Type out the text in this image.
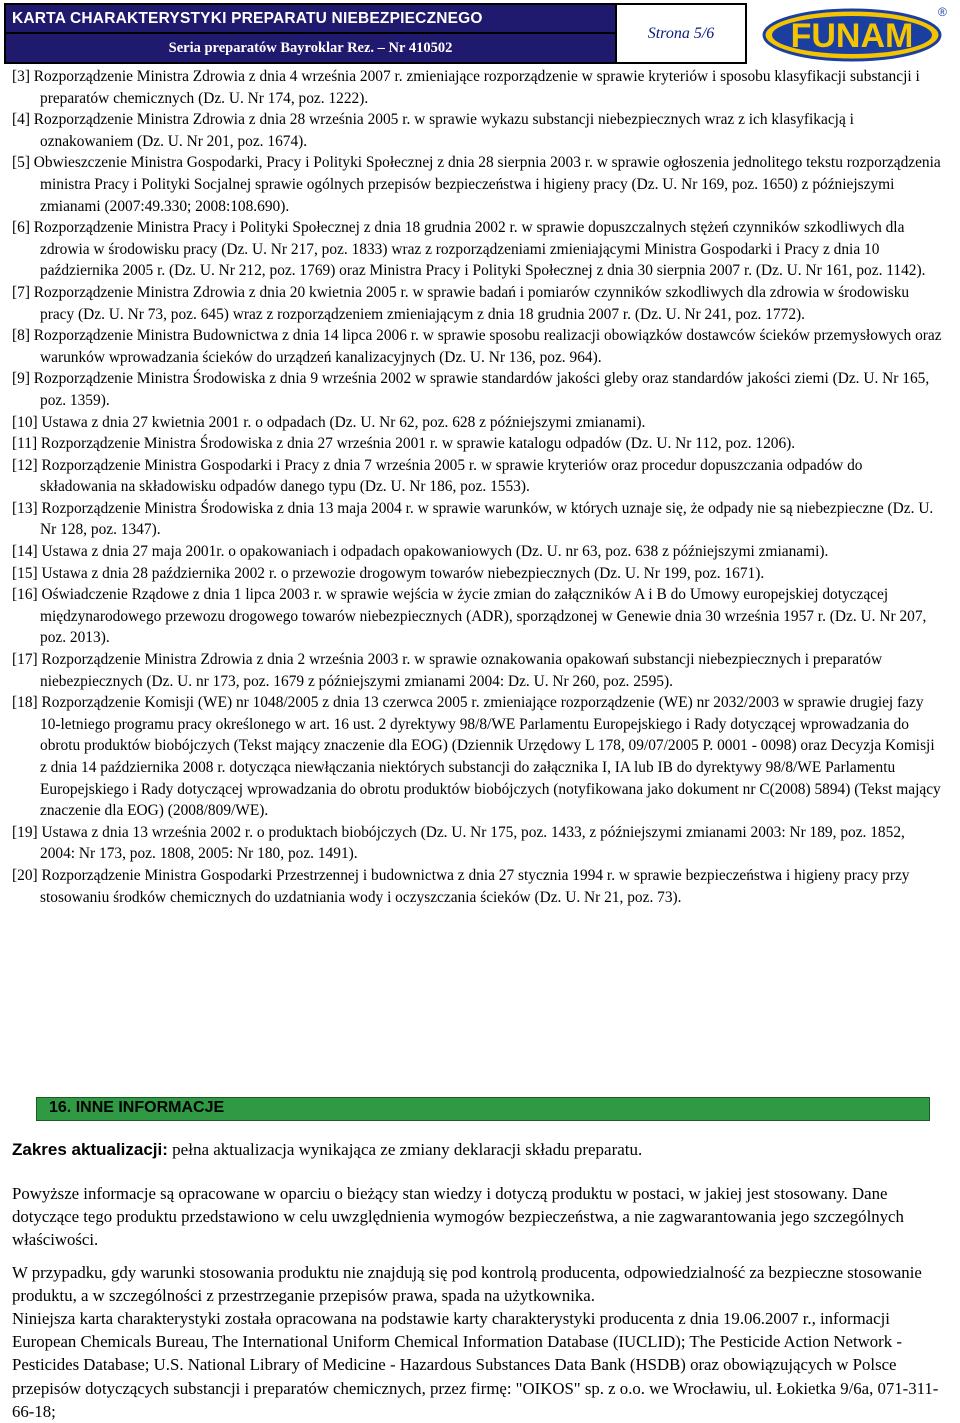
KARTA CHARAKTERYSTYKI PREPARATU NIEBEZPIECZNEGO	Strona 5/6
Seria preparatów Bayroklar Rez. – Nr 410502	FUNAM
®

[3] Rozporządzenie Ministra Zdrowia z dnia 4 września 2007 r. zmieniające rozporządzenie w sprawie kryteriów i sposobu klasyfikacji substancji i preparatów chemicznych (Dz. U. Nr 174, poz. 1222).

[4] Rozporządzenie Ministra Zdrowia z dnia 28 września 2005 r. w sprawie wykazu substancji niebezpiecznych wraz z ich klasyfikacją i oznakowaniem (Dz. U. Nr 201, poz. 1674).

[5] Obwieszczenie Ministra Gospodarki, Pracy i Polityki Społecznej z dnia 28 sierpnia 2003 r. w sprawie ogłoszenia jednolitego tekstu rozporządzenia ministra Pracy i Polityki Socjalnej sprawie ogólnych przepisów bezpieczeństwa i higieny pracy (Dz. U. Nr 169, poz. 1650) z późniejszymi zmianami (2007:49.330; 2008:108.690).

[6] Rozporządzenie Ministra Pracy i Polityki Społecznej z dnia 18 grudnia 2002 r. w sprawie dopuszczalnych stężeń czynników szkodliwych dla zdrowia w środowisku pracy (Dz. U. Nr 217, poz. 1833) wraz z rozporządzeniami zmieniającymi Ministra Gospodarki i Pracy z dnia 10 października 2005 r. (Dz. U. Nr 212, poz. 1769) oraz Ministra Pracy i Polityki Społecznej z dnia 30 sierpnia 2007 r. (Dz. U. Nr 161, poz. 1142).

[7] Rozporządzenie Ministra Zdrowia z dnia 20 kwietnia 2005 r. w sprawie badań i pomiarów czynników szkodliwych dla zdrowia w środowisku pracy (Dz. U. Nr 73, poz. 645) wraz z rozporządzeniem zmieniającym z dnia 18 grudnia 2007 r. (Dz. U. Nr 241, poz. 1772).

[8] Rozporządzenie Ministra Budownictwa z dnia 14 lipca 2006 r. w sprawie sposobu realizacji obowiązków dostawców ścieków przemysłowych oraz warunków wprowadzania ścieków do urządzeń kanalizacyjnych (Dz. U. Nr 136, poz. 964).

[9] Rozporządzenie Ministra Środowiska z dnia 9 września 2002 w sprawie standardów jakości gleby oraz standardów jakości ziemi (Dz. U. Nr 165, poz. 1359).

[10] Ustawa z dnia 27 kwietnia 2001 r. o odpadach (Dz. U. Nr 62, poz. 628 z późniejszymi zmianami).

[11] Rozporządzenie Ministra Środowiska z dnia 27 września 2001 r. w sprawie katalogu odpadów (Dz. U. Nr 112, poz. 1206).

[12] Rozporządzenie Ministra Gospodarki i Pracy z dnia 7 września 2005 r. w sprawie kryteriów oraz procedur dopuszczania odpadów do składowania na składowisku odpadów danego typu (Dz. U. Nr 186, poz. 1553).

[13] Rozporządzenie Ministra Środowiska z dnia 13 maja 2004 r. w sprawie warunków, w których uznaje się, że odpady nie są niebezpieczne (Dz. U. Nr 128, poz. 1347).

[14] Ustawa z dnia 27 maja 2001r. o opakowaniach i odpadach opakowaniowych (Dz. U. nr 63, poz. 638 z późniejszymi zmianami).

[15] Ustawa z dnia 28 października 2002 r. o przewozie drogowym towarów niebezpiecznych (Dz. U. Nr 199, poz. 1671).

[16] Oświadczenie Rządowe z dnia 1 lipca 2003 r. w sprawie wejścia w życie zmian do załączników A i B do Umowy europejskiej dotyczącej międzynarodowego przewozu drogowego towarów niebezpiecznych (ADR), sporządzonej w Genewie dnia 30 września 1957 r. (Dz. U. Nr 207, poz. 2013).

[17] Rozporządzenie Ministra Zdrowia z dnia 2 września 2003 r. w sprawie oznakowania opakowań substancji niebezpiecznych i preparatów niebezpiecznych (Dz. U. nr 173, poz. 1679 z późniejszymi zmianami 2004: Dz. U. Nr 260, poz. 2595).

[18] Rozporządzenie Komisji (WE) nr 1048/2005 z dnia 13 czerwca 2005 r. zmieniające rozporządzenie (WE) nr 2032/2003 w sprawie drugiej fazy 10-letniego programu pracy określonego w art. 16 ust. 2 dyrektywy 98/8/WE Parlamentu Europejskiego i Rady dotyczącej wprowadzania do obrotu produktów biobójczych (Tekst mający znaczenie dla EOG) (Dziennik Urzędowy L 178, 09/07/2005 P. 0001 - 0098) oraz Decyzja Komisji z dnia 14 października 2008 r. dotycząca niewłączania niektórych substancji do załącznika I, IA lub IB do dyrektywy 98/8/WE Parlamentu Europejskiego i Rady dotyczącej wprowadzania do obrotu produktów biobójczych (notyfikowana jako dokument nr C(2008) 5894) (Tekst mający znaczenie dla EOG) (2008/809/WE).

[19] Ustawa z dnia 13 września 2002 r. o produktach biobójczych (Dz. U. Nr 175, poz. 1433, z późniejszymi zmianami 2003: Nr 189, poz. 1852, 2004: Nr 173, poz. 1808, 2005: Nr 180, poz. 1491).

[20] Rozporządzenie Ministra Gospodarki Przestrzennej i budownictwa z dnia 27 stycznia 1994 r. w sprawie bezpieczeństwa i higieny pracy przy stosowaniu środków chemicznych do uzdatniania wody i oczyszczania ścieków (Dz. U. Nr 21, poz. 73).

16. INNE INFORMACJE
Zakres aktualizacji: pełna aktualizacja wynikająca ze zmiany deklaracji składu preparatu.

Powyższe informacje są opracowane w oparciu o bieżący stan wiedzy i dotyczą produktu w postaci, w jakiej jest stosowany. Dane dotyczące tego produktu przedstawiono w celu uwzględnienia wymogów bezpieczeństwa, a nie zagwarantowania jego szczególnych właściwości.

W przypadku, gdy warunki stosowania produktu nie znajdują się pod kontrolą producenta, odpowiedzialność za bezpieczne stosowanie produktu, a w szczególności z przestrzeganie przepisów prawa, spada na użytkownika.

Niniejsza karta charakterystyki została opracowana na podstawie karty charakterystyki producenta z dnia 19.06.2007 r., informacji European Chemicals Bureau, The International Uniform Chemical Information Database (IUCLID); The Pesticide Action Network - Pesticides Database; U.S. National Library of Medicine - Hazardous Substances Data Bank (HSDB) oraz obowiązujących w Polsce przepisów dotyczących substancji i preparatów chemicznych, przez firmę: "OIKOS" sp. z o.o. we Wrocławiu, ul. Łokietka 9/6a, 071-311-66-18;
